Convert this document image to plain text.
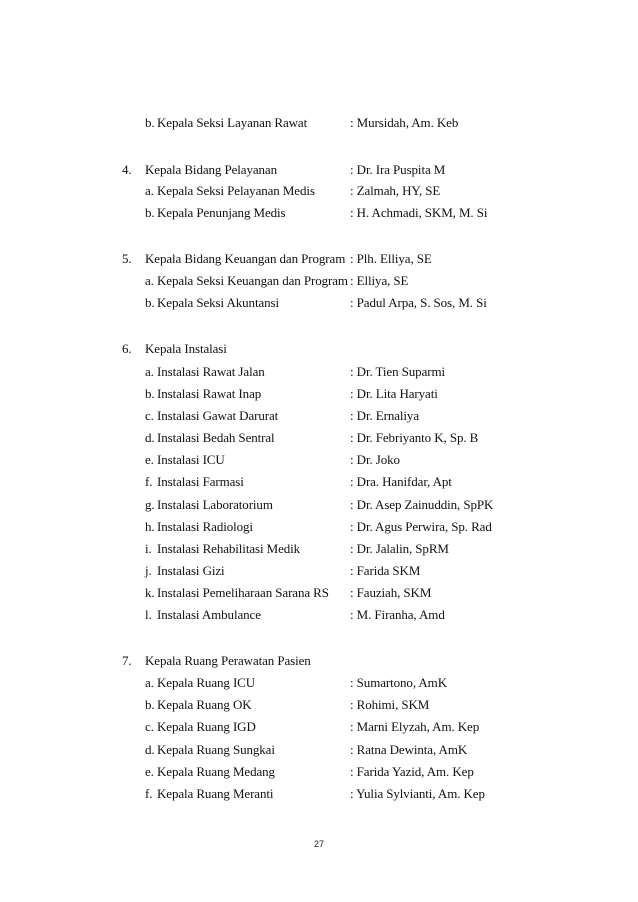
b. Kepala Seksi Layanan Rawat	: Mursidah, Am. Keb
4. Kepala Bidang Pelayanan	: Dr. Ira Puspita M
a. Kepala Seksi Pelayanan Medis	: Zalmah, HY, SE
b. Kepala Penunjang Medis	: H. Achmadi, SKM, M. Si
5. Kepala Bidang Keuangan dan Program : Plh. Elliya, SE
a. Kepala Seksi Keuangan dan Program : Elliya, SE
b. Kepala Seksi Akuntansi	: Padul Arpa, S. Sos, M. Si
6. Kepala Instalasi
a. Instalasi Rawat Jalan	: Dr. Tien Suparmi
b. Instalasi Rawat Inap	: Dr. Lita Haryati
c. Instalasi Gawat Darurat	: Dr. Ernaliya
d. Instalasi Bedah Sentral	: Dr. Febriyanto K, Sp. B
e. Instalasi ICU	: Dr. Joko
f. Instalasi Farmasi	: Dra. Hanifdar, Apt
g. Instalasi Laboratorium	: Dr. Asep Zainuddin, SpPK
h. Instalasi Radiologi	: Dr. Agus Perwira, Sp. Rad
i. Instalasi Rehabilitasi Medik	: Dr. Jalalin, SpRM
j. Instalasi Gizi	: Farida SKM
k. Instalasi Pemeliharaan Sarana RS : Fauziah, SKM
l. Instalasi Ambulance	: M. Firanha, Amd
7. Kepala Ruang Perawatan Pasien
a. Kepala Ruang ICU	: Sumartono, AmK
b. Kepala Ruang OK	: Rohimi, SKM
c. Kepala Ruang IGD	: Marni Elyzah, Am. Kep
d. Kepala Ruang Sungkai	: Ratna Dewinta, AmK
e. Kepala Ruang Medang	: Farida Yazid, Am. Kep
f. Kepala Ruang Meranti	: Yulia Sylvianti, Am. Kep
27
